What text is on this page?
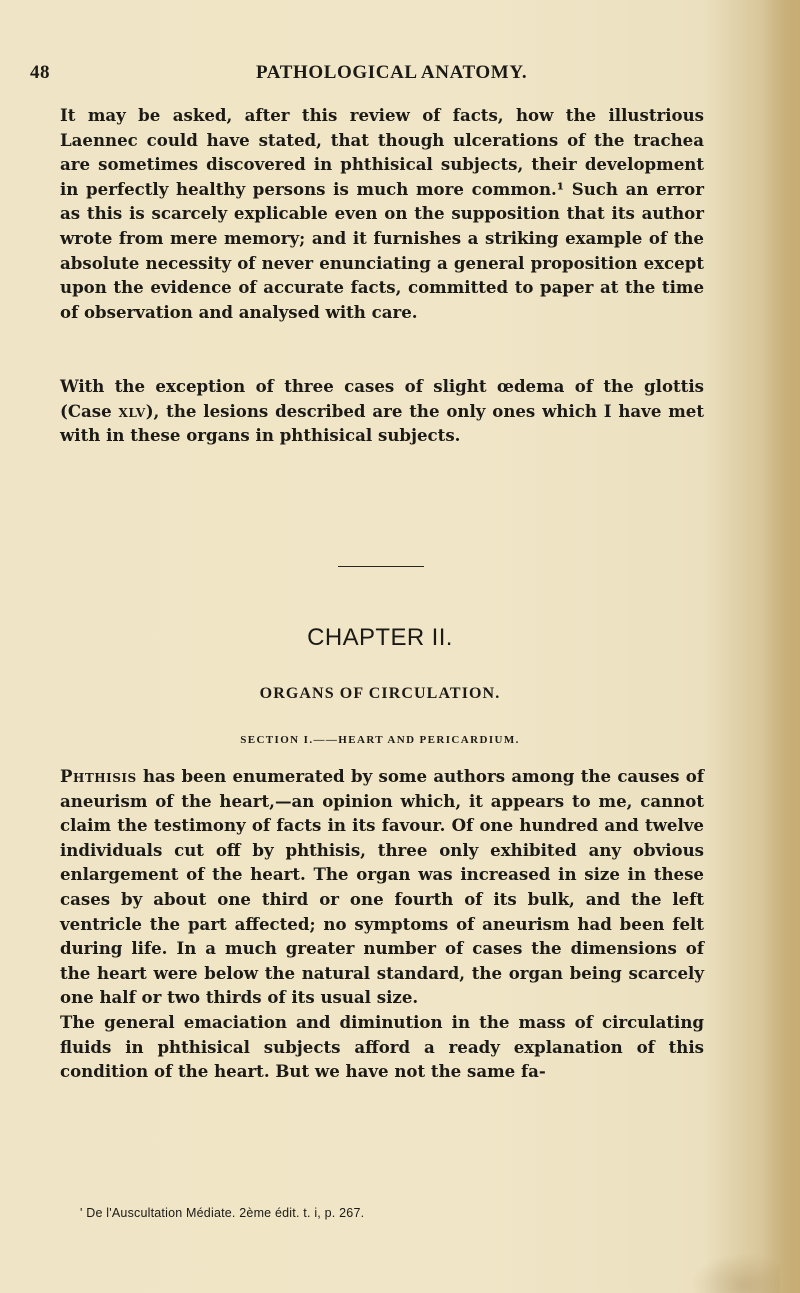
48	PATHOLOGICAL ANATOMY.

It may be asked, after this review of facts, how the illustrious Laennec could have stated, that though ulcerations of the trachea are sometimes discovered in phthisical subjects, their development in perfectly healthy persons is much more common.¹ Such an error as this is scarcely explicable even on the supposition that its author wrote from mere memory; and it furnishes a striking example of the absolute necessity of never enunciating a general proposition except upon the evidence of accurate facts, committed to paper at the time of observation and analysed with care.

With the exception of three cases of slight œdema of the glottis (Case xlv), the lesions described are the only ones which I have met with in these organs in phthisical subjects.

CHAPTER II.
ORGANS OF CIRCULATION.
SECTION I.——HEART AND PERICARDIUM.
Phthisis has been enumerated by some authors among the causes of aneurism of the heart,—an opinion which, it appears to me, cannot claim the testimony of facts in its favour. Of one hundred and twelve individuals cut off by phthisis, three only exhibited any obvious enlargement of the heart. The organ was increased in size in these cases by about one third or one fourth of its bulk, and the left ventricle the part affected; no symptoms of aneurism had been felt during life. In a much greater number of cases the dimensions of the heart were below the natural standard, the organ being scarcely one half or two thirds of its usual size.
The general emaciation and diminution in the mass of circulating fluids in phthisical subjects afford a ready explanation of this condition of the heart. But we have not the same fa-
' De l'Auscultation Médiate. 2ème édit. t. i, p. 267.
